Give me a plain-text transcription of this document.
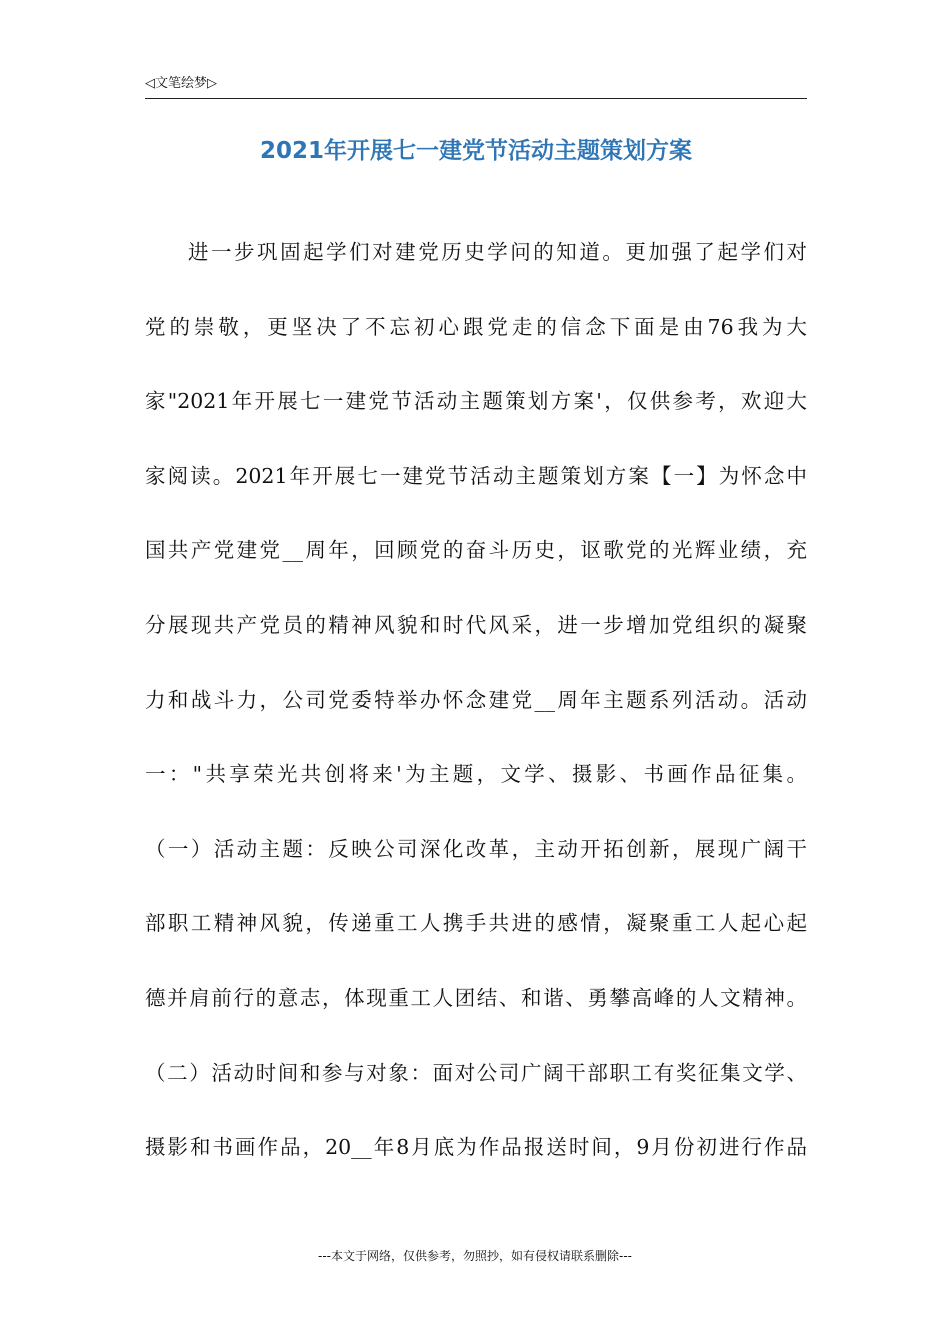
◁文笔绘梦▷
2021年开展七一建党节活动主题策划方案
进一步巩固起学们对建党历史学问的知道。更加强了起学们对
党的崇敬，更坚决了不忘初心跟党走的信念下面是由76我为大
家"2021年开展七一建党节活动主题策划方案'，仅供参考，欢迎大
家阅读。2021年开展七一建党节活动主题策划方案【一】为怀念中
国共产党建党__周年，回顾党的奋斗历史，讴歌党的光辉业绩，充
分展现共产党员的精神风貌和时代风采，进一步增加党组织的凝聚
力和战斗力，公司党委特举办怀念建党__周年主题系列活动。活动
一："共享荣光共创将来'为主题，文学、摄影、书画作品征集。
（一）活动主题：反映公司深化改革，主动开拓创新，展现广阔干
部职工精神风貌，传递重工人携手共进的感情，凝聚重工人起心起
德并肩前行的意志，体现重工人团结、和谐、勇攀高峰的人文精神。
（二）活动时间和参与对象：面对公司广阔干部职工有奖征集文学、
摄影和书画作品，20__年8月底为作品报送时间，9月份初进行作品
---本文于网络，仅供参考，勿照抄，如有侵权请联系删除---
